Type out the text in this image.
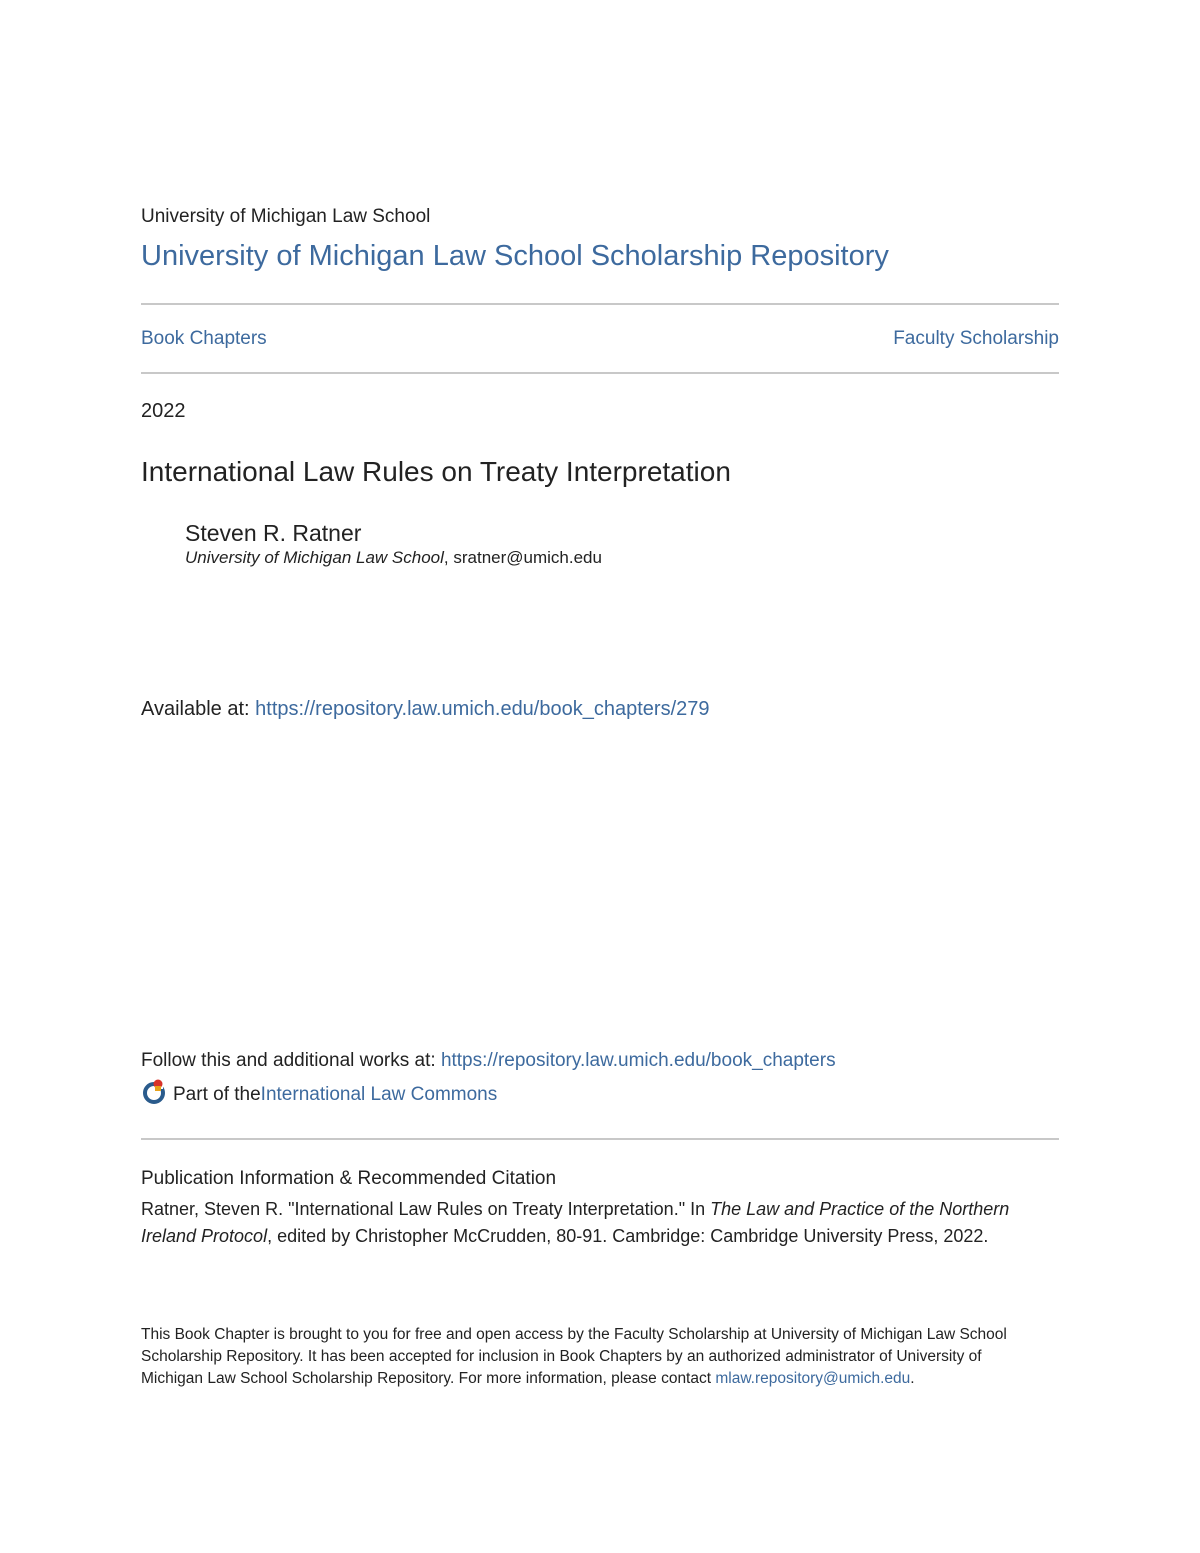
University of Michigan Law School
University of Michigan Law School Scholarship Repository
Book Chapters	Faculty Scholarship
2022
International Law Rules on Treaty Interpretation
Steven R. Ratner
University of Michigan Law School, sratner@umich.edu
Available at: https://repository.law.umich.edu/book_chapters/279
Follow this and additional works at: https://repository.law.umich.edu/book_chapters
Part of the International Law Commons
Publication Information & Recommended Citation
Ratner, Steven R. "International Law Rules on Treaty Interpretation." In The Law and Practice of the Northern Ireland Protocol, edited by Christopher McCrudden, 80-91. Cambridge: Cambridge University Press, 2022.
This Book Chapter is brought to you for free and open access by the Faculty Scholarship at University of Michigan Law School Scholarship Repository. It has been accepted for inclusion in Book Chapters by an authorized administrator of University of Michigan Law School Scholarship Repository. For more information, please contact mlaw.repository@umich.edu.
